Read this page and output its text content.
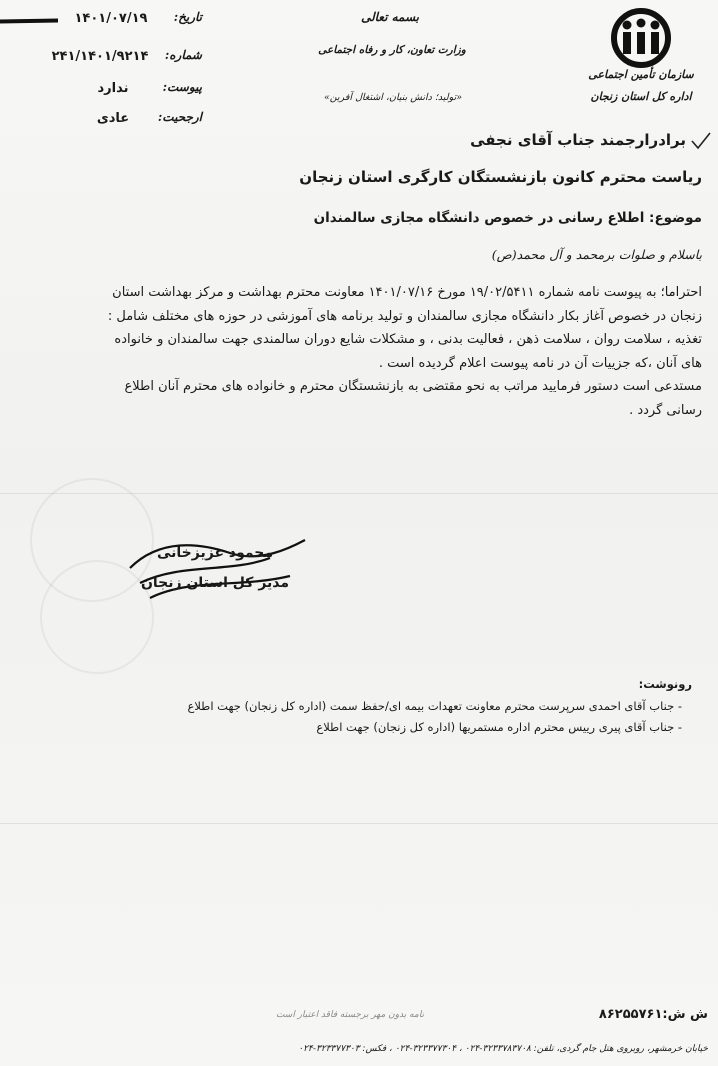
تاریخ:
۱۴۰۱/۰۷/۱۹
شماره:
۲۴۱/۱۴۰۱/۹۲۱۴
پیوست:
ندارد
ارجحیت:
عادی
بسمه تعالی
وزارت تعاون، کار و رفاه اجتماعی
«تولید؛ دانش بنیان، اشتغال آفرین»
سازمان تأمین اجتماعی
اداره کل استان زنجان
برادرارجمند جناب آقای نجفی
ریاست محترم کانون بازنشستگان کارگری استان زنجان
موضوع: اطلاع رسانی در خصوص دانشگاه مجازی سالمندان
باسلام و صلوات برمحمد و آل محمد(ص)
احتراما؛ به پیوست نامه شماره ۱۹/۰۲/۵۴۱۱ مورخ ۱۴۰۱/۰۷/۱۶ معاونت محترم بهداشت و مرکز بهداشت استان
زنجان در خصوص آغاز بکار دانشگاه مجازی سالمندان و تولید برنامه های آموزشی در حوزه های مختلف شامل :
تغذیه ، سلامت روان ، سلامت ذهن ، فعالیت بدنی ، و مشکلات شایع دوران سالمندی جهت سالمندان و خانواده
های آنان ،که جزییات آن در نامه پیوست اعلام گردیده است .
مستدعی است دستور فرمایید مراتب به نحو مقتضی به بازنشستگان محترم و خانواده های محترم آنان اطلاع
رسانی گردد .
محمود عزیزخانی
مدیر کل استان زنجان
رونوشت:
- جناب آقای احمدی سرپرست محترم معاونت تعهدات بیمه ای/حفظ سمت (اداره کل زنجان) جهت اطلاع
- جناب آقای پیری رییس محترم اداره مستمریها (اداره کل زنجان) جهت اطلاع
نامه بدون مهر برجسته فاقد اعتبار است	ش ش:۸۶۲۵۵۷۶۱
خیابان خرمشهر، روبروی هتل جام گردی، تلفن: ۳۲۳۳۷۸۳۷۰۸-۰۲۴ ، ۳۲۳۳۷۷۳۰۴-۰۲۴ ، فکس: ۳۲۳۳۷۷۳۰۳-۰۲۴
